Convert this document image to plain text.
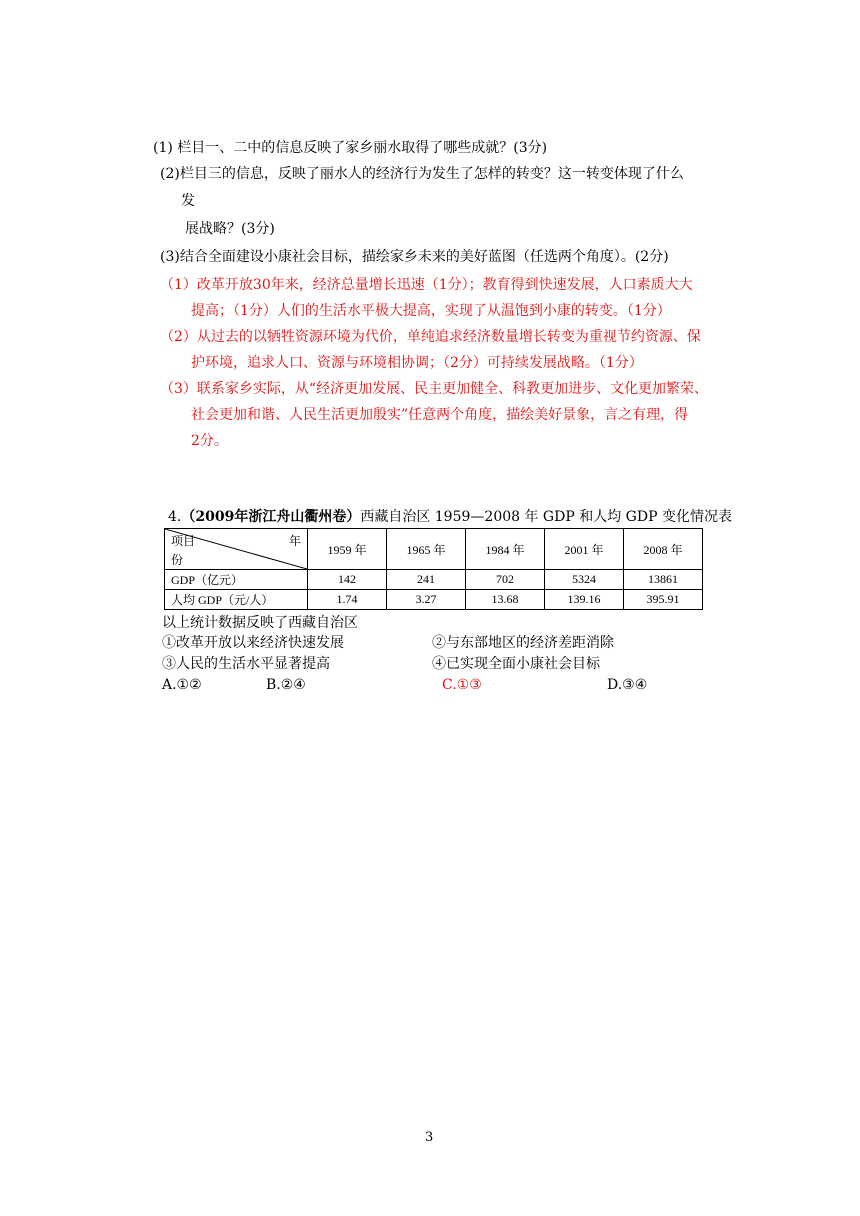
(1) 栏目一、二中的信息反映了家乡丽水取得了哪些成就？(3分)
(2)栏目三的信息，反映了丽水人的经济行为发生了怎样的转变？这一转变体现了什么
发
展战略？(3分)
(3)结合全面建设小康社会目标，描绘家乡未来的美好蓝图（任选两个角度）。(2分)
（1）改革开放30年来，经济总量增长迅速（1分）；教育得到快速发展，人口素质大大
提高；（1分）人们的生活水平极大提高，实现了从温饱到小康的转变。（1分）
（2）从过去的以牺牲资源环境为代价，单纯追求经济数量增长转变为重视节约资源、保
护环境，追求人口、资源与环境相协调；（2分）可持续发展战略。（1分）
（3）联系家乡实际，从“经济更加发展、民主更加健全、科教更加进步、文化更加繁荣、
社会更加和谐、人民生活更加殷实”任意两个角度，描绘美好景象，言之有理，得
2分。
4.（2009年浙江舟山衢州卷）西藏自治区 1959—2008 年 GDP 和人均 GDP 变化情况表
项目 年
份	1959 年	1965 年	1984 年	2001 年	2008 年
GDP（亿元）	142	241	702	5324	13861
人均 GDP（元/人）	1.74	3.27	13.68	139.16	395.91
以上统计数据反映了西藏自治区
①改革开放以来经济快速发展	②与东部地区的经济差距消除
③人民的生活水平显著提高	④已实现全面小康社会目标
A.①②	B.②④	C.①③	D.③④
3
